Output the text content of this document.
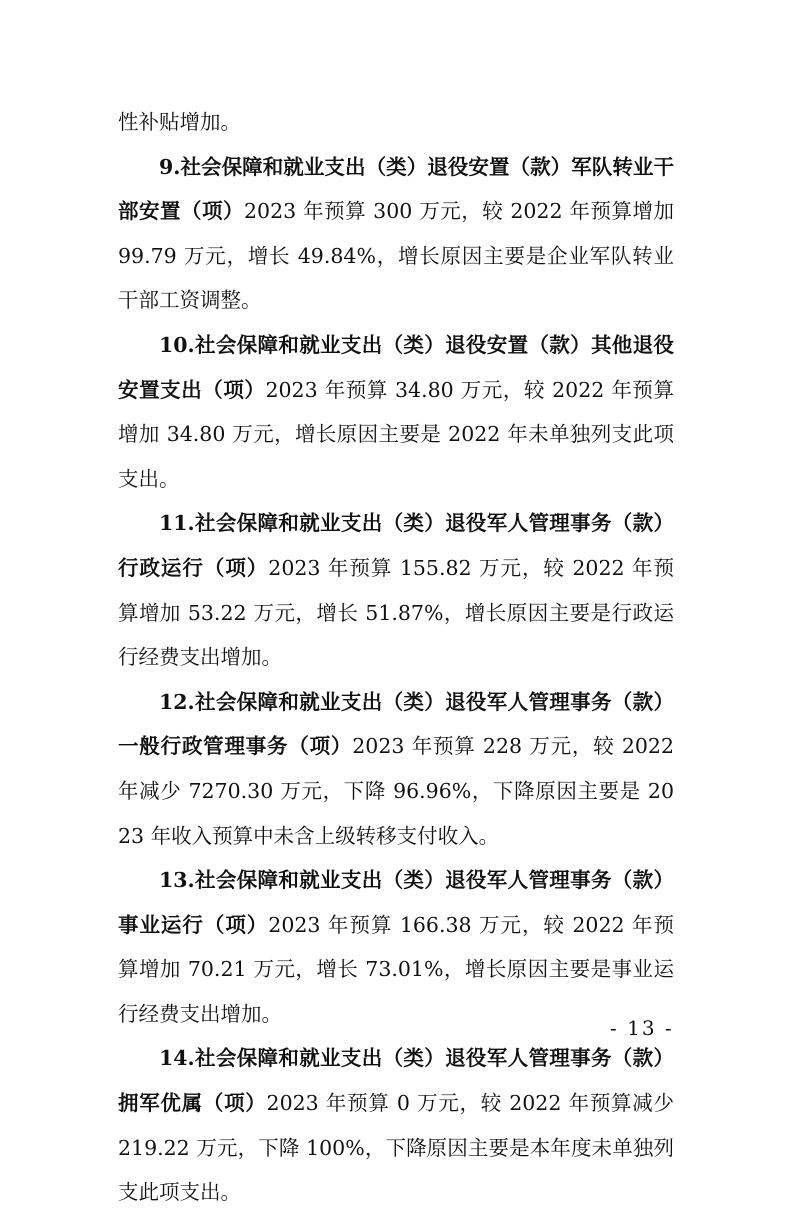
性补贴增加。

9.社会保障和就业支出（类）退役安置（款）军队转业干部安置（项）2023 年预算 300 万元，较 2022 年预算增加 99.79 万元，增长 49.84%，增长原因主要是企业军队转业干部工资调整。

10.社会保障和就业支出（类）退役安置（款）其他退役安置支出（项）2023 年预算 34.80 万元，较 2022 年预算增加 34.80 万元，增长原因主要是 2022 年未单独列支此项支出。

11.社会保障和就业支出（类）退役军人管理事务（款）行政运行（项）2023 年预算 155.82 万元，较 2022 年预算增加 53.22 万元，增长 51.87%，增长原因主要是行政运行经费支出增加。

12.社会保障和就业支出（类）退役军人管理事务（款）一般行政管理事务（项）2023 年预算 228 万元，较 2022 年减少 7270.30 万元，下降 96.96%，下降原因主要是 2023 年收入预算中未含上级转移支付收入。

13.社会保障和就业支出（类）退役军人管理事务（款）事业运行（项）2023 年预算 166.38 万元，较 2022 年预算增加 70.21 万元，增长 73.01%，增长原因主要是事业运行经费支出增加。

14.社会保障和就业支出（类）退役军人管理事务（款）拥军优属（项）2023 年预算 0 万元，较 2022 年预算减少 219.22 万元，下降 100%，下降原因主要是本年度未单独列支此项支出。

- 13 -
